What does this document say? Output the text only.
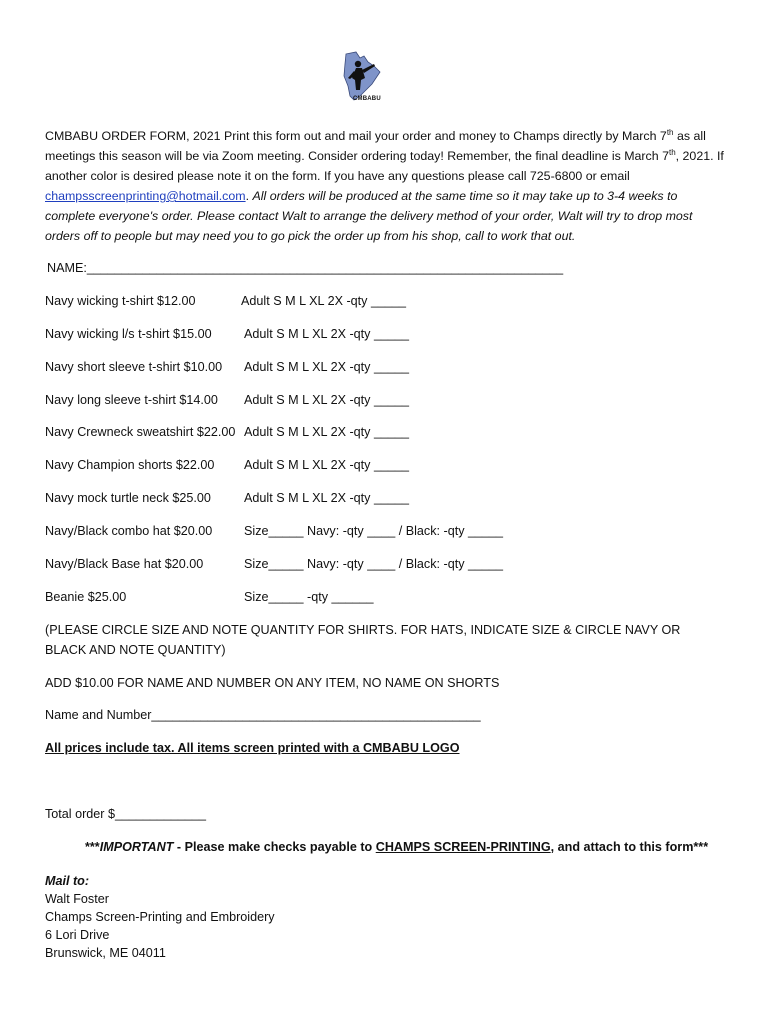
CMBABU
CMBABU ORDER FORM, 2021 Print this form out and mail your order and money to Champs directly by March 7th as all meetings this season will be via Zoom meeting. Consider ordering today! Remember, the final deadline is March 7th, 2021. If another color is desired please note it on the form. If you have any questions please call 725-6800 or email champsscreenprinting@hotmail.com. All orders will be produced at the same time so it may take up to 3-4 weeks to complete everyone's order. Please contact Walt to arrange the delivery method of your order, Walt will try to drop most orders off to people but may need you to go pick the order up from his shop, call to work that out.
NAME:____________________________________________________________________
Navy wicking t-shirt $12.00	Adult S M L XL 2X -qty _____
Navy wicking l/s t-shirt $15.00	Adult S M L XL 2X -qty _____
Navy short sleeve t-shirt $10.00 Adult S M L XL 2X -qty _____
Navy long sleeve t-shirt $14.00 Adult S M L XL 2X -qty _____
Navy Crewneck sweatshirt $22.00 Adult S M L XL 2X -qty _____
Navy Champion shorts $22.00 Adult S M L XL 2X -qty _____
Navy mock turtle neck $25.00	Adult S M L XL 2X -qty _____
Navy/Black combo hat $20.00	Size_____ Navy: -qty ____ / Black: -qty _____
Navy/Black Base hat $20.00	Size_____ Navy: -qty ____ / Black: -qty _____
Beanie $25.00	Size_____ -qty ______
(PLEASE CIRCLE SIZE AND NOTE QUANTITY FOR SHIRTS. FOR HATS, INDICATE SIZE & CIRCLE NAVY OR BLACK AND NOTE QUANTITY)
ADD $10.00 FOR NAME AND NUMBER ON ANY ITEM, NO NAME ON SHORTS
Name and Number_______________________________________________
All prices include tax. All items screen printed with a CMBABU LOGO
Total order $_____________
***IMPORTANT - Please make checks payable to CHAMPS SCREEN-PRINTING, and attach to this form***
Mail to:
Walt Foster
Champs Screen-Printing and Embroidery
6 Lori Drive
Brunswick, ME 04011
